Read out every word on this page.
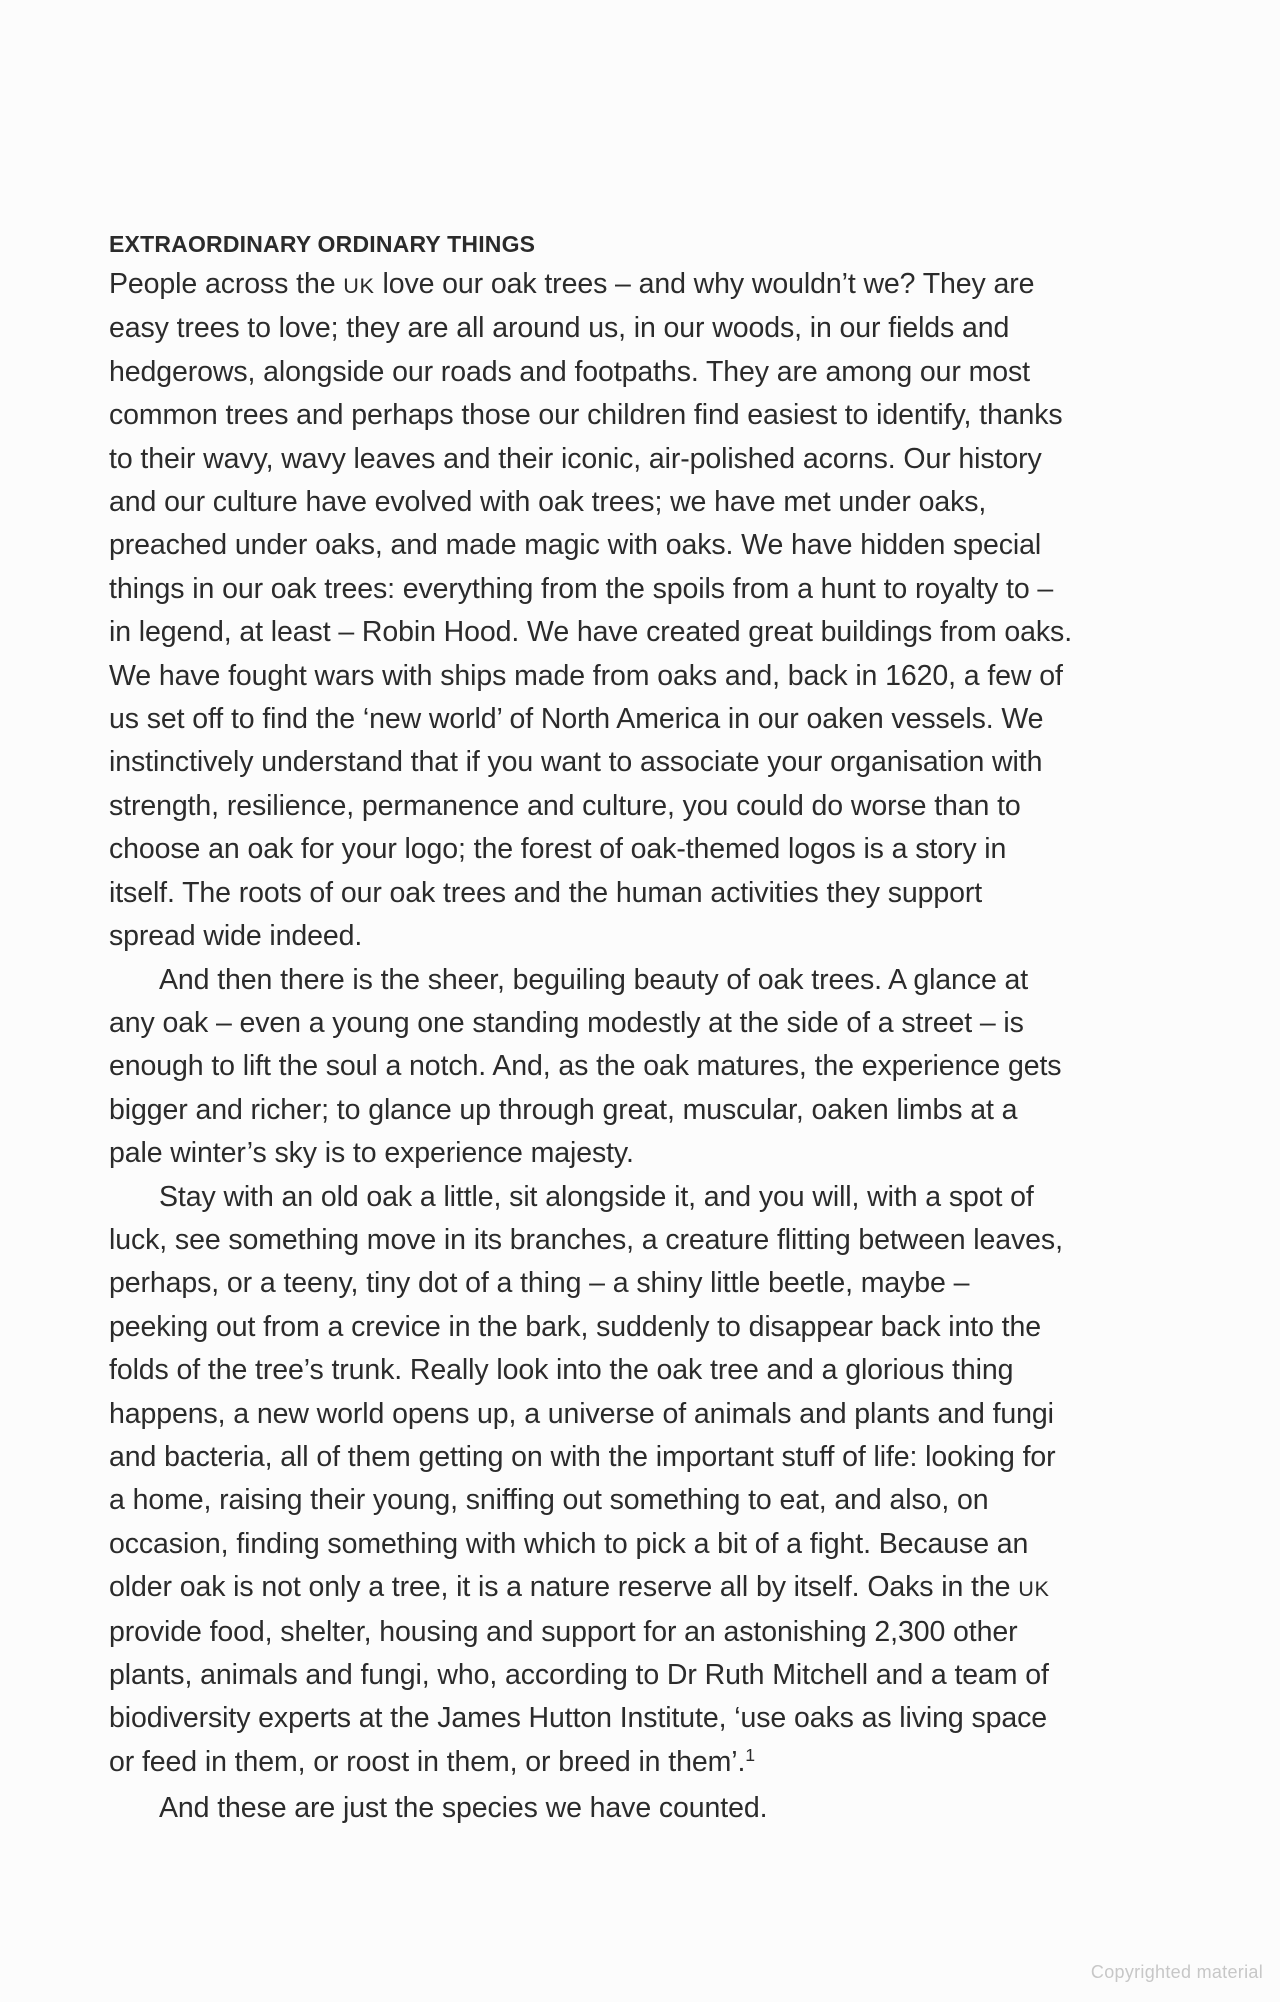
EXTRAORDINARY ORDINARY THINGS
People across the UK love our oak trees – and why wouldn’t we? They are
easy trees to love; they are all around us, in our woods, in our fields and
hedgerows, alongside our roads and footpaths. They are among our most
common trees and perhaps those our children find easiest to identify, thanks
to their wavy, wavy leaves and their iconic, air-polished acorns. Our history
and our culture have evolved with oak trees; we have met under oaks,
preached under oaks, and made magic with oaks. We have hidden special
things in our oak trees: everything from the spoils from a hunt to royalty to –
in legend, at least – Robin Hood. We have created great buildings from oaks.
We have fought wars with ships made from oaks and, back in 1620, a few of
us set off to find the ‘new world’ of North America in our oaken vessels. We
instinctively understand that if you want to associate your organisation with
strength, resilience, permanence and culture, you could do worse than to
choose an oak for your logo; the forest of oak-themed logos is a story in
itself. The roots of our oak trees and the human activities they support
spread wide indeed.
And then there is the sheer, beguiling beauty of oak trees. A glance at
any oak – even a young one standing modestly at the side of a street – is
enough to lift the soul a notch. And, as the oak matures, the experience gets
bigger and richer; to glance up through great, muscular, oaken limbs at a
pale winter’s sky is to experience majesty.
Stay with an old oak a little, sit alongside it, and you will, with a spot of
luck, see something move in its branches, a creature flitting between leaves,
perhaps, or a teeny, tiny dot of a thing – a shiny little beetle, maybe –
peeking out from a crevice in the bark, suddenly to disappear back into the
folds of the tree’s trunk. Really look into the oak tree and a glorious thing
happens, a new world opens up, a universe of animals and plants and fungi
and bacteria, all of them getting on with the important stuff of life: looking for
a home, raising their young, sniffing out something to eat, and also, on
occasion, finding something with which to pick a bit of a fight. Because an
older oak is not only a tree, it is a nature reserve all by itself. Oaks in the UK
provide food, shelter, housing and support for an astonishing 2,300 other
plants, animals and fungi, who, according to Dr Ruth Mitchell and a team of
biodiversity experts at the James Hutton Institute, ‘use oaks as living space
or feed in them, or roost in them, or breed in them’.$^1$
And these are just the species we have counted.
Copyrighted material
